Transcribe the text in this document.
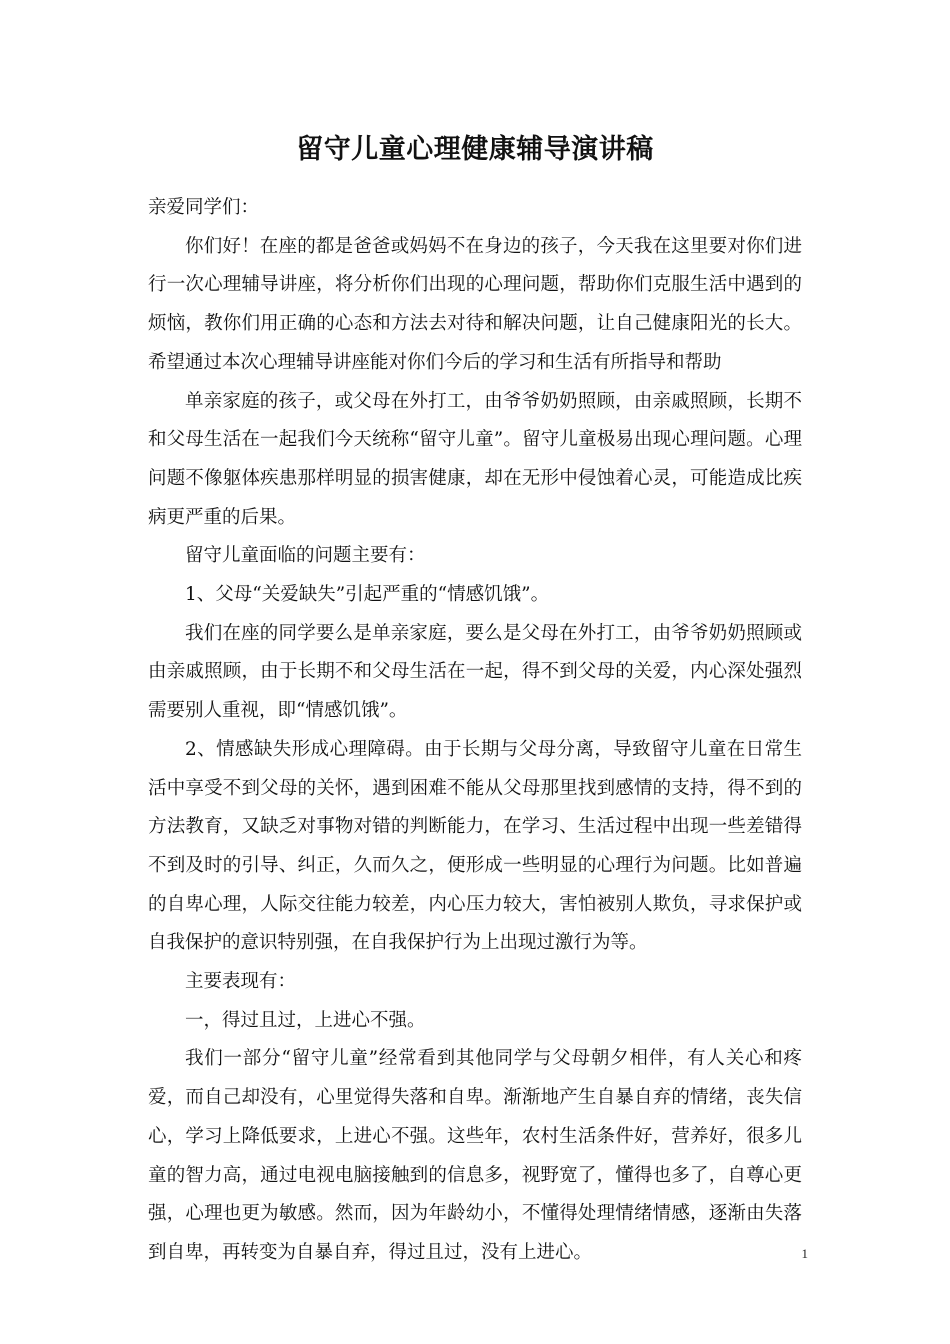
留守儿童心理健康辅导演讲稿

亲爱同学们：

你们好！在座的都是爸爸或妈妈不在身边的孩子，今天我在这里要对你们进行一次心理辅导讲座，将分析你们出现的心理问题，帮助你们克服生活中遇到的烦恼，教你们用正确的心态和方法去对待和解决问题，让自己健康阳光的长大。希望通过本次心理辅导讲座能对你们今后的学习和生活有所指导和帮助

单亲家庭的孩子，或父母在外打工，由爷爷奶奶照顾，由亲戚照顾，长期不和父母生活在一起我们今天统称“留守儿童”。留守儿童极易出现心理问题。心理问题不像躯体疾患那样明显的损害健康，却在无形中侵蚀着心灵，可能造成比疾病更严重的后果。

留守儿童面临的问题主要有：

1、父母“关爱缺失”引起严重的“情感饥饿”。

我们在座的同学要么是单亲家庭，要么是父母在外打工，由爷爷奶奶照顾或由亲戚照顾，由于长期不和父母生活在一起，得不到父母的关爱，内心深处强烈需要别人重视，即“情感饥饿”。

2、情感缺失形成心理障碍。由于长期与父母分离，导致留守儿童在日常生活中享受不到父母的关怀，遇到困难不能从父母那里找到感情的支持，得不到的方法教育，又缺乏对事物对错的判断能力，在学习、生活过程中出现一些差错得不到及时的引导、纠正，久而久之，便形成一些明显的心理行为问题。比如普遍的自卑心理，人际交往能力较差，内心压力较大，害怕被别人欺负，寻求保护或自我保护的意识特别强，在自我保护行为上出现过激行为等。

主要表现有：

一，得过且过，上进心不强。

我们一部分“留守儿童”经常看到其他同学与父母朝夕相伴，有人关心和疼爱，而自己却没有，心里觉得失落和自卑。渐渐地产生自暴自弃的情绪，丧失信心，学习上降低要求，上进心不强。这些年，农村生活条件好，营养好，很多儿童的智力高，通过电视电脑接触到的信息多，视野宽了，懂得也多了，自尊心更强，心理也更为敏感。然而，因为年龄幼小，不懂得处理情绪情感，逐渐由失落到自卑，再转变为自暴自弃，得过且过，没有上进心。	1
